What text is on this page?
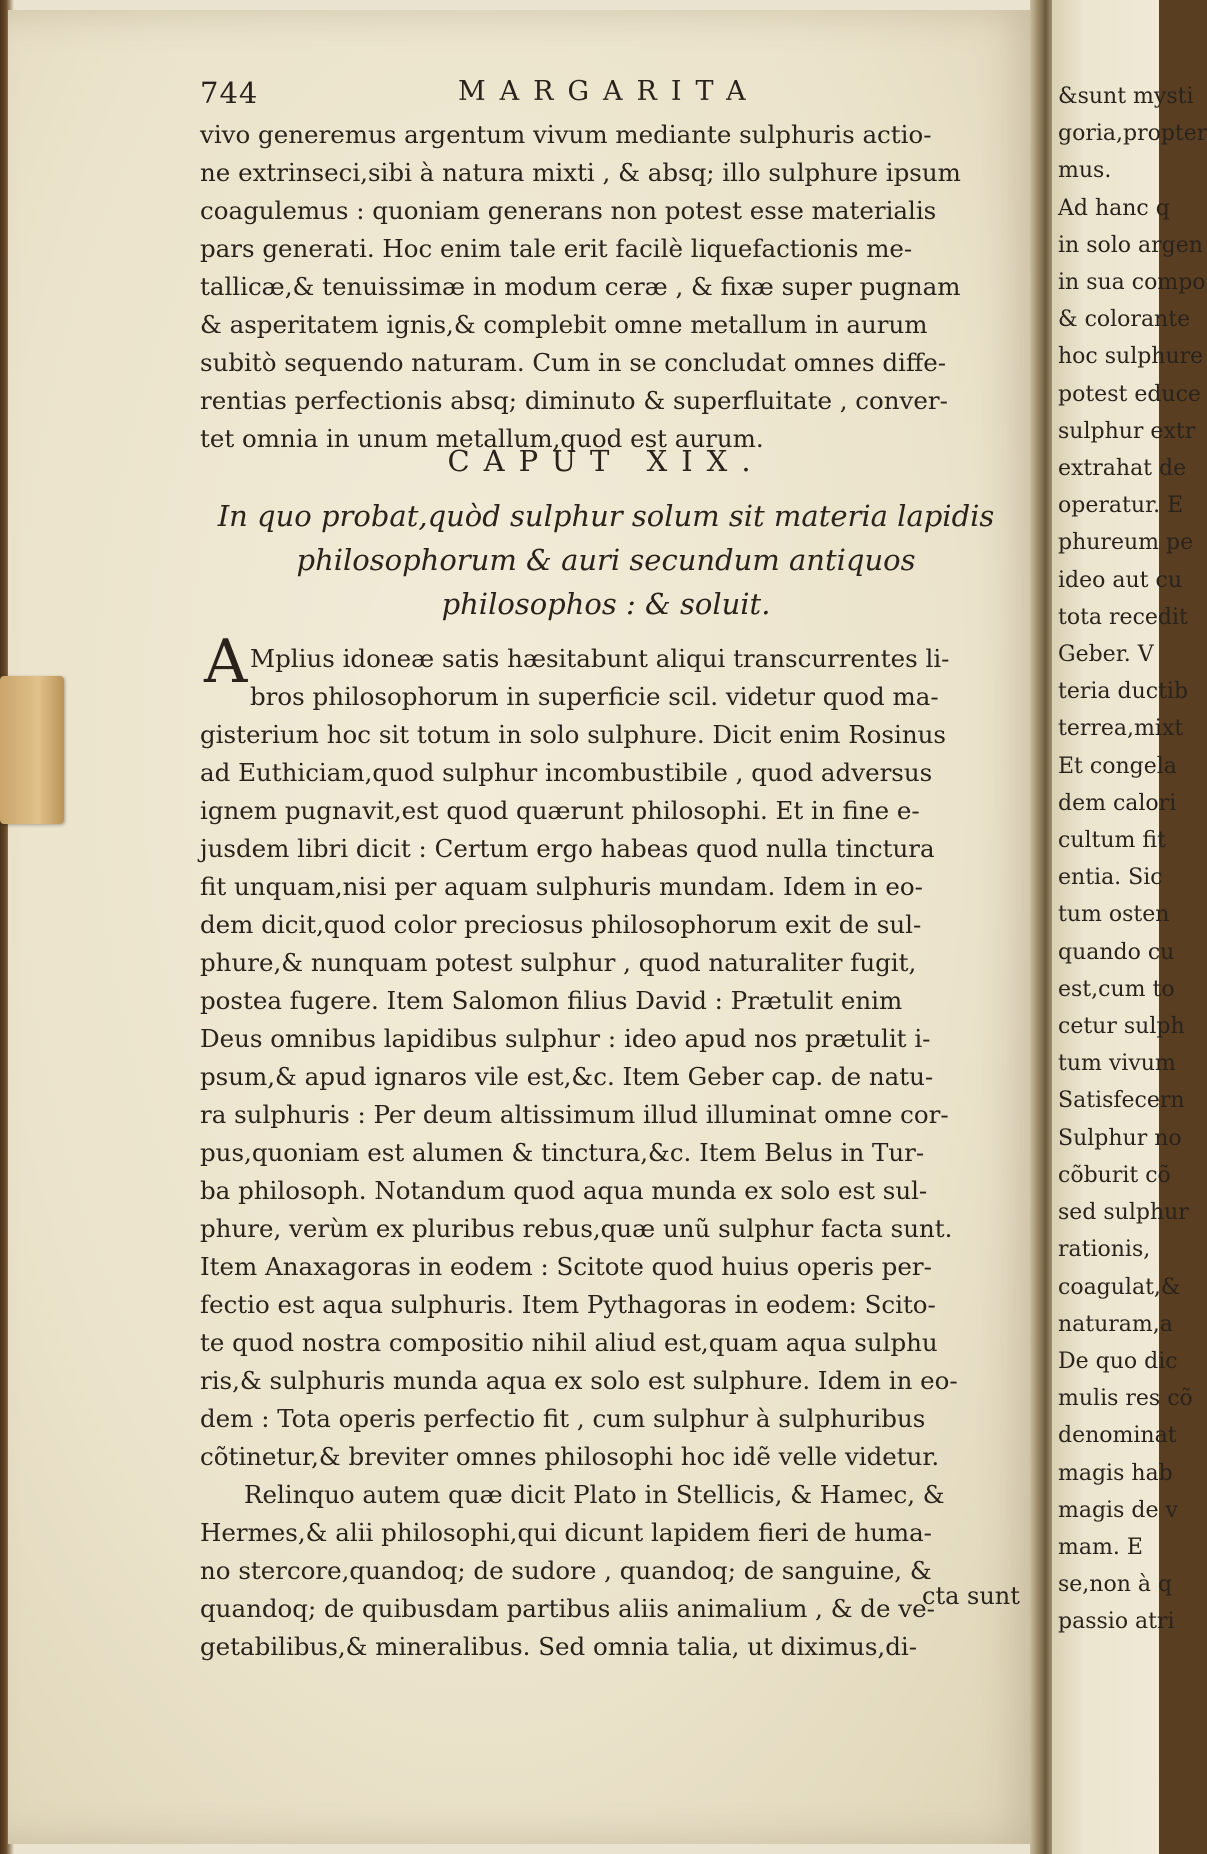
744	MARGARITA
vivo generemus argentum vivum mediante sulphuris actio-
ne extrinseci,sibi à natura mixti , & absq; illo sulphure ipsum
coagulemus : quoniam generans non potest esse materialis
pars generati. Hoc enim tale erit facilè liquefactionis me-
tallicæ,& tenuissimæ in modum ceræ , & fixæ super pugnam
& asperitatem ignis,& complebit omne metallum in aurum
subitò sequendo naturam. Cum in se concludat omnes diffe-
rentias perfectionis absq; diminuto & superfluitate , conver-
tet omnia in unum metallum,quod est aurum.
CAPUT XIX.
In quo probat,quòd sulphur solum sit materia lapidis
philosophorum & auri secundum antiquos
philosophos : & soluit.
A Mplius idoneæ satis hæsitabunt aliqui transcurrentes li-
bros philosophorum in superficie scil. videtur quod ma-
gisterium hoc sit totum in solo sulphure. Dicit enim Rosinus
ad Euthiciam,quod sulphur incombustibile , quod adversus
ignem pugnavit,est quod quærunt philosophi. Et in fine e-
jusdem libri dicit : Certum ergo habeas quod nulla tinctura
fit unquam,nisi per aquam sulphuris mundam. Idem in eo-
dem dicit,quod color preciosus philosophorum exit de sul-
phure,& nunquam potest sulphur , quod naturaliter fugit,
postea fugere. Item Salomon filius David : Prætulit enim
Deus omnibus lapidibus sulphur : ideo apud nos prætulit i-
psum,& apud ignaros vile est,&c. Item Geber cap. de natu-
ra sulphuris : Per deum altissimum illud illuminat omne cor-
pus,quoniam est alumen & tinctura,&c. Item Belus in Tur-
ba philosoph. Notandum quod aqua munda ex solo est sul-
phure, verùm ex pluribus rebus,quæ unũ sulphur facta sunt.
Item Anaxagoras in eodem : Scitote quod huius operis per-
fectio est aqua sulphuris. Item Pythagoras in eodem: Scito-
te quod nostra compositio nihil aliud est,quam aqua sulphu
ris,& sulphuris munda aqua ex solo est sulphure. Idem in eo-
dem : Tota operis perfectio fit , cum sulphur à sulphuribus
cõtinetur,& breviter omnes philosophi hoc idẽ velle videtur.
Relinquo autem quæ dicit Plato in Stellicis, & Hamec, &
Hermes,& alii philosophi,qui dicunt lapidem fieri de huma-
no stercore,quandoq; de sudore , quandoq; de sanguine, &
quandoq; de quibusdam partibus aliis animalium , & de ve-
getabilibus,& mineralibus. Sed omnia talia, ut diximus,di-
cta sunt
&sunt mysti
goria,propter
mus.
Ad hanc q
in solo argen
in sua compo
& colorante
hoc sulphure
potest educe
sulphur extr
extrahat de
operatur. E
phureum pe
ideo aut cu
tota recedit
Geber. V
teria ductib
terrea,mixt
Et congela
dem calori
cultum fit
entia. Sic
tum osten
quando cu
est,cum to
cetur sulph
tum vivum
Satisfecern
Sulphur no
cõburit cõ
sed sulphur
rationis,
coagulat,&
naturam,a
De quo dic
mulis res cõ
denominat
magis hab
magis de v
mam. E
se,non à q
passio atri
